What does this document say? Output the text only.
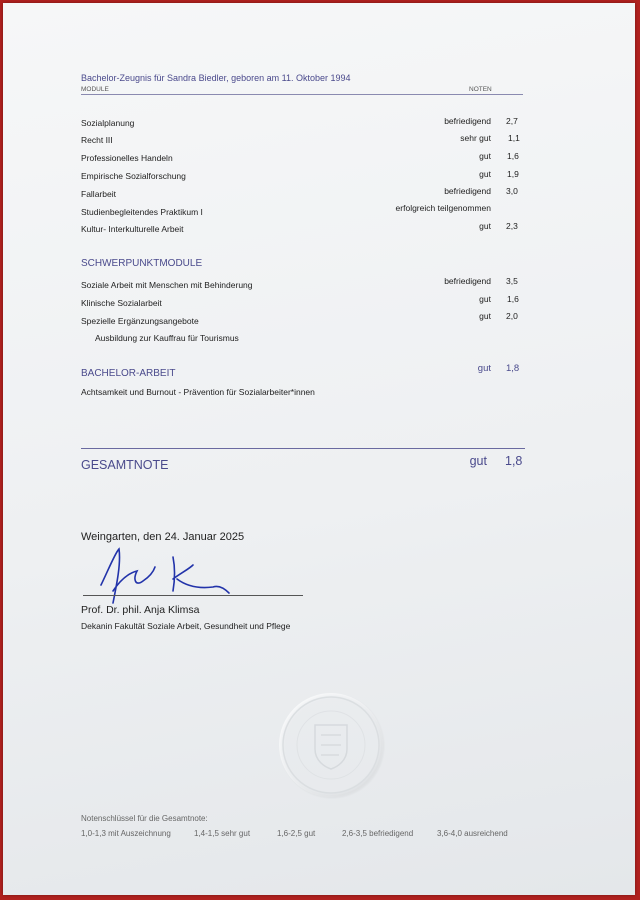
Bachelor-Zeugnis für Sandra Biedler, geboren am 11. Oktober 1994
MODULE	NOTEN
Sozialplanung	befriedigend 2,7
Recht III	sehr gut 1,1
Professionelles Handeln	gut 1,6
Empirische Sozialforschung	gut 1,9
Fallarbeit	befriedigend 3,0
Studienbegleitendes Praktikum I	erfolgreich teilgenommen
Kultur- Interkulturelle Arbeit	gut 2,3
SCHWERPUNKTMODULE
Soziale Arbeit mit Menschen mit Behinderung	befriedigend 3,5
Klinische Sozialarbeit	gut 1,6
Spezielle Ergänzungsangebote	gut 2,0
Ausbildung zur Kauffrau für Tourismus
BACHELOR-ARBEIT	gut 1,8
Achtsamkeit und Burnout - Prävention für Sozialarbeiter*innen
GESAMTNOTE	gut 1,8
Weingarten, den 24. Januar 2025
Prof. Dr. phil. Anja Klimsa
Dekanin Fakultät Soziale Arbeit, Gesundheit und Pflege
Notenschlüssel für die Gesamtnote:
1,0-1,3 mit Auszeichnung	1,4-1,5 sehr gut	1,6-2,5 gut	2,6-3,5 befriedigend	3,6-4,0 ausreichend
